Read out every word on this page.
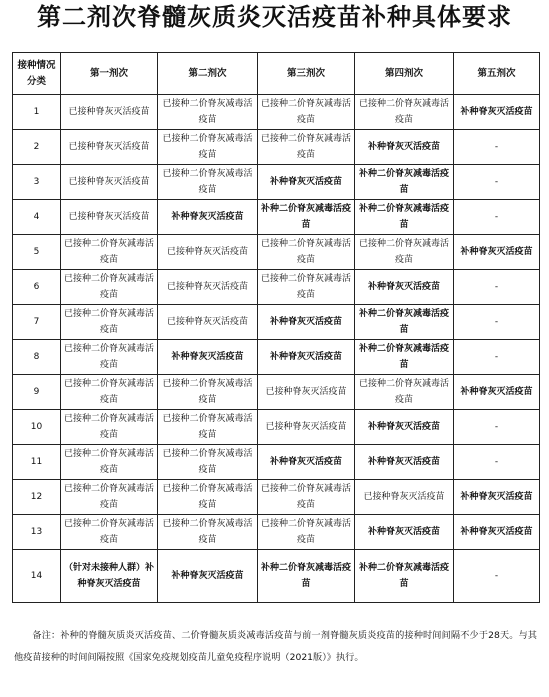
第二剂次脊髓灰质炎灭活疫苗补种具体要求
接种情况分类	第一剂次	第二剂次	第三剂次	第四剂次	第五剂次
1	已接种脊灰灭活疫苗	已接种二价脊灰减毒活疫苗	已接种二价脊灰减毒活疫苗	已接种二价脊灰减毒活疫苗	补种脊灰灭活疫苗
2	已接种脊灰灭活疫苗	已接种二价脊灰减毒活疫苗	已接种二价脊灰减毒活疫苗	补种脊灰灭活疫苗	-
3	已接种脊灰灭活疫苗	已接种二价脊灰减毒活疫苗	补种脊灰灭活疫苗	补种二价脊灰减毒活疫苗	-
4	已接种脊灰灭活疫苗	补种脊灰灭活疫苗	补种二价脊灰减毒活疫苗	补种二价脊灰减毒活疫苗	-
5	已接种二价脊灰减毒活疫苗	已接种脊灰灭活疫苗	已接种二价脊灰减毒活疫苗	已接种二价脊灰减毒活疫苗	补种脊灰灭活疫苗
6	已接种二价脊灰减毒活疫苗	已接种脊灰灭活疫苗	已接种二价脊灰减毒活疫苗	补种脊灰灭活疫苗	-
7	已接种二价脊灰减毒活疫苗	已接种脊灰灭活疫苗	补种脊灰灭活疫苗	补种二价脊灰减毒活疫苗	-
8	已接种二价脊灰减毒活疫苗	补种脊灰灭活疫苗	补种脊灰灭活疫苗	补种二价脊灰减毒活疫苗	-
9	已接种二价脊灰减毒活疫苗	已接种二价脊灰减毒活疫苗	已接种脊灰灭活疫苗	已接种二价脊灰减毒活疫苗	补种脊灰灭活疫苗
10	已接种二价脊灰减毒活疫苗	已接种二价脊灰减毒活疫苗	已接种脊灰灭活疫苗	补种脊灰灭活疫苗	-
11	已接种二价脊灰减毒活疫苗	已接种二价脊灰减毒活疫苗	补种脊灰灭活疫苗	补种脊灰灭活疫苗	-
12	已接种二价脊灰减毒活疫苗	已接种二价脊灰减毒活疫苗	已接种二价脊灰减毒活疫苗	已接种脊灰灭活疫苗	补种脊灰灭活疫苗
13	已接种二价脊灰减毒活疫苗	已接种二价脊灰减毒活疫苗	已接种二价脊灰减毒活疫苗	补种脊灰灭活疫苗	补种脊灰灭活疫苗
14	（针对未接种人群）补种脊灰灭活疫苗	补种脊灰灭活疫苗	补种二价脊灰减毒活疫苗	补种二价脊灰减毒活疫苗	-
备注：补种的脊髓灰质炎灭活疫苗、二价脊髓灰质炎减毒活疫苗与前一剂脊髓灰质炎疫苗的接种时间间隔不少于28天。与其他疫苗接种的时间间隔按照《国家免疫规划疫苗儿童免疫程序说明（2021版）》执行。
